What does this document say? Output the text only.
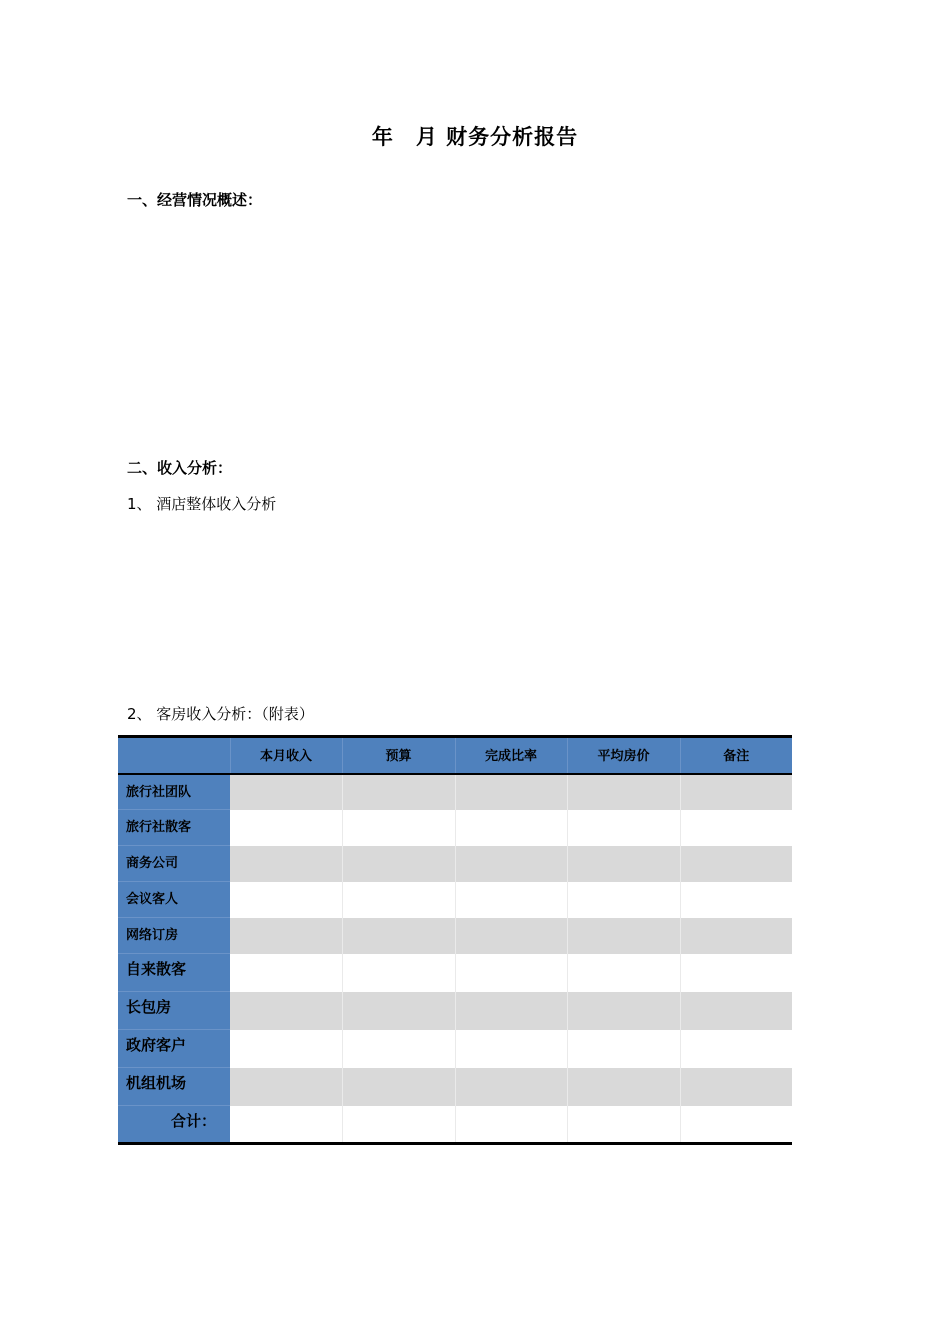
年　月 财务分析报告
一、经营情况概述：
二、收入分析：
1、 酒店整体收入分析
2、 客房收入分析：（附表）
	本月收入	预算	完成比率	平均房价	备注
旅行社团队					
旅行社散客					
商务公司					
会议客人					
网络订房					
自来散客					
长包房					
政府客户					
机组机场					
合计：					
